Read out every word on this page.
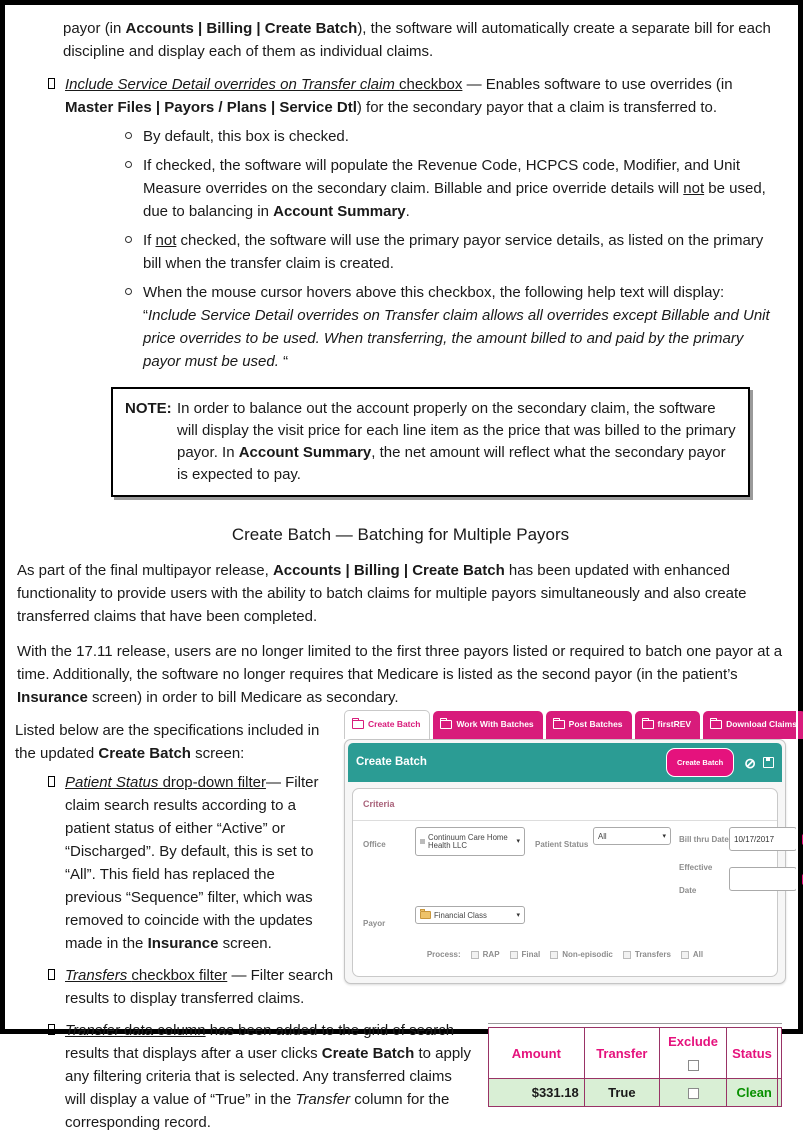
payor (in Accounts | Billing | Create Batch), the software will automatically create a separate bill for each discipline and display each of them as individual claims.

Include Service Detail overrides on Transfer claim checkbox — Enables software to use overrides (in Master Files | Payors / Plans | Service Dtl) for the secondary payor that a claim is transferred to.

By default, this box is checked.

If checked, the software will populate the Revenue Code, HCPCS code, Modifier, and Unit Measure overrides on the secondary claim. Billable and price override details will not be used, due to balancing in Account Summary.

If not checked, the software will use the primary payor service details, as listed on the primary bill when the transfer claim is created.

When the mouse cursor hovers above this checkbox, the following help text will display: “Include Service Detail overrides on Transfer claim allows all overrides except Billable and Unit price overrides to be used. When transferring, the amount billed to and paid by the primary payor must be used. “

NOTE: In order to balance out the account properly on the secondary claim, the software will display the visit price for each line item as the price that was billed to the primary payor. In Account Summary, the net amount will reflect what the secondary payor is expected to pay.
Create Batch — Batching for Multiple Payors

As part of the final multipayor release, Accounts | Billing | Create Batch has been updated with enhanced functionality to provide users with the ability to batch claims for multiple payors simultaneously and also create transferred claims that have been completed.

With the 17.11 release, users are no longer limited to the first three payors listed or required to batch one payor at a time. Additionally, the software no longer requires that Medicare is listed as the second payor (in the patient’s Insurance screen) in order to bill Medicare as secondary.

Create Batch	Work With Batches	Post Batches	firstREV	Download Claims
Create Batch	Create Batch	⊘
Criteria
Office
Continuum Care Home Health LLC	▾ Patient Status
All	▾ Bill thru Date 10/17/2017
Effective Date
Payor
Financial Class	▾
Process:	RAP	Final	Non-episodic	Transfers	All

Listed below are the specifications included in the updated Create Batch screen:

Patient Status drop-down filter— Filter claim search results according to a patient status of either “Active” or “Discharged”. By default, this is set to “All”. This field has replaced the previous “Sequence” filter, which was removed to coincide with the updates made in the Insurance screen.

Transfers checkbox filter — Filter search results to display transferred claims.

Amount	Transfer	Exclude	Status	
$331.18	True		Clean	

Transfer data column has been added to the grid of search results that displays after a user clicks Create Batch to apply any filtering criteria that is selected. Any transferred claims will display a value of “True” in the Transfer column for the corresponding record.
